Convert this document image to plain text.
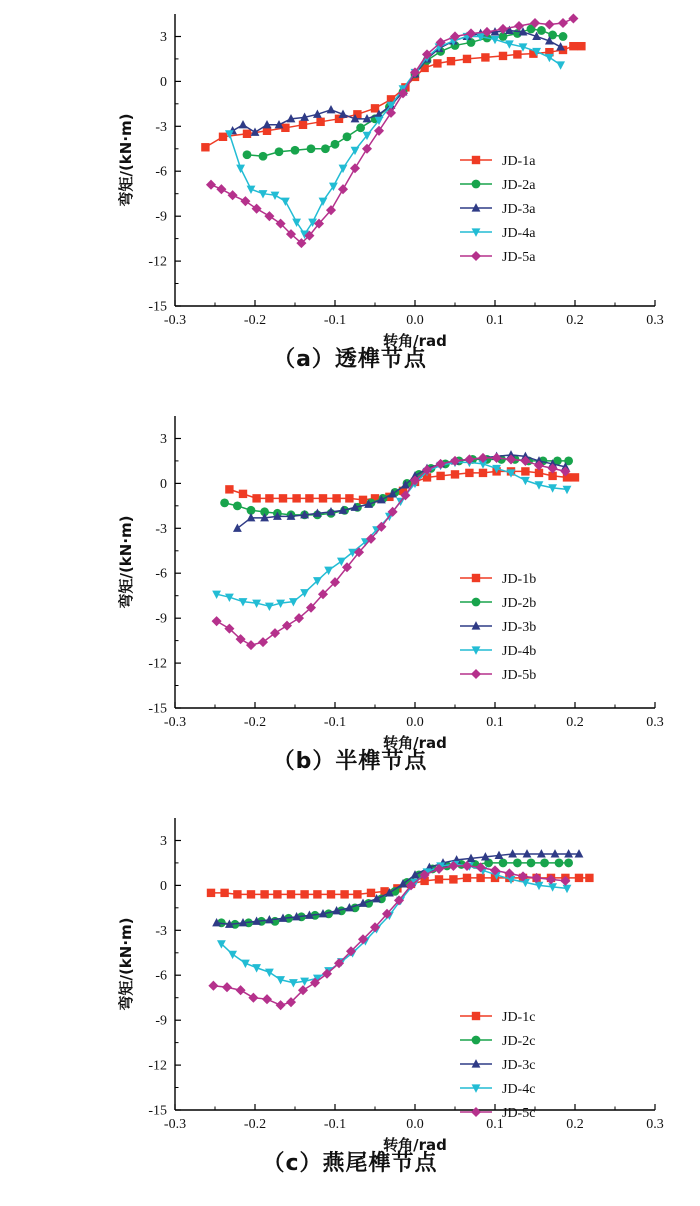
-0.3	-0.2	-0.1	0.0	0.1	0.2	0.3
3
0
-3
-6
-9
-12
-15
转角/rad
弯矩/(kN·m)	JD-1a
JD-2a
JD-3a
JD-4a
JD-5a
（a）透榫节点
-0.3	-0.2	-0.1	0.0	0.1	0.2	0.3
3
0
-3
-6
-9
-12
-15
转角/rad
弯矩/(kN·m)	JD-1b
JD-2b
JD-3b
JD-4b
JD-5b
（b）半榫节点
-0.3	-0.2	-0.1	0.0	0.1	0.2	0.3
3
0
-3
-6
-9
-12
-15
转角/rad
弯矩/(kN·m)
JD-1c
JD-2c
JD-3c
JD-4c
JD-5c
（c）燕尾榫节点
